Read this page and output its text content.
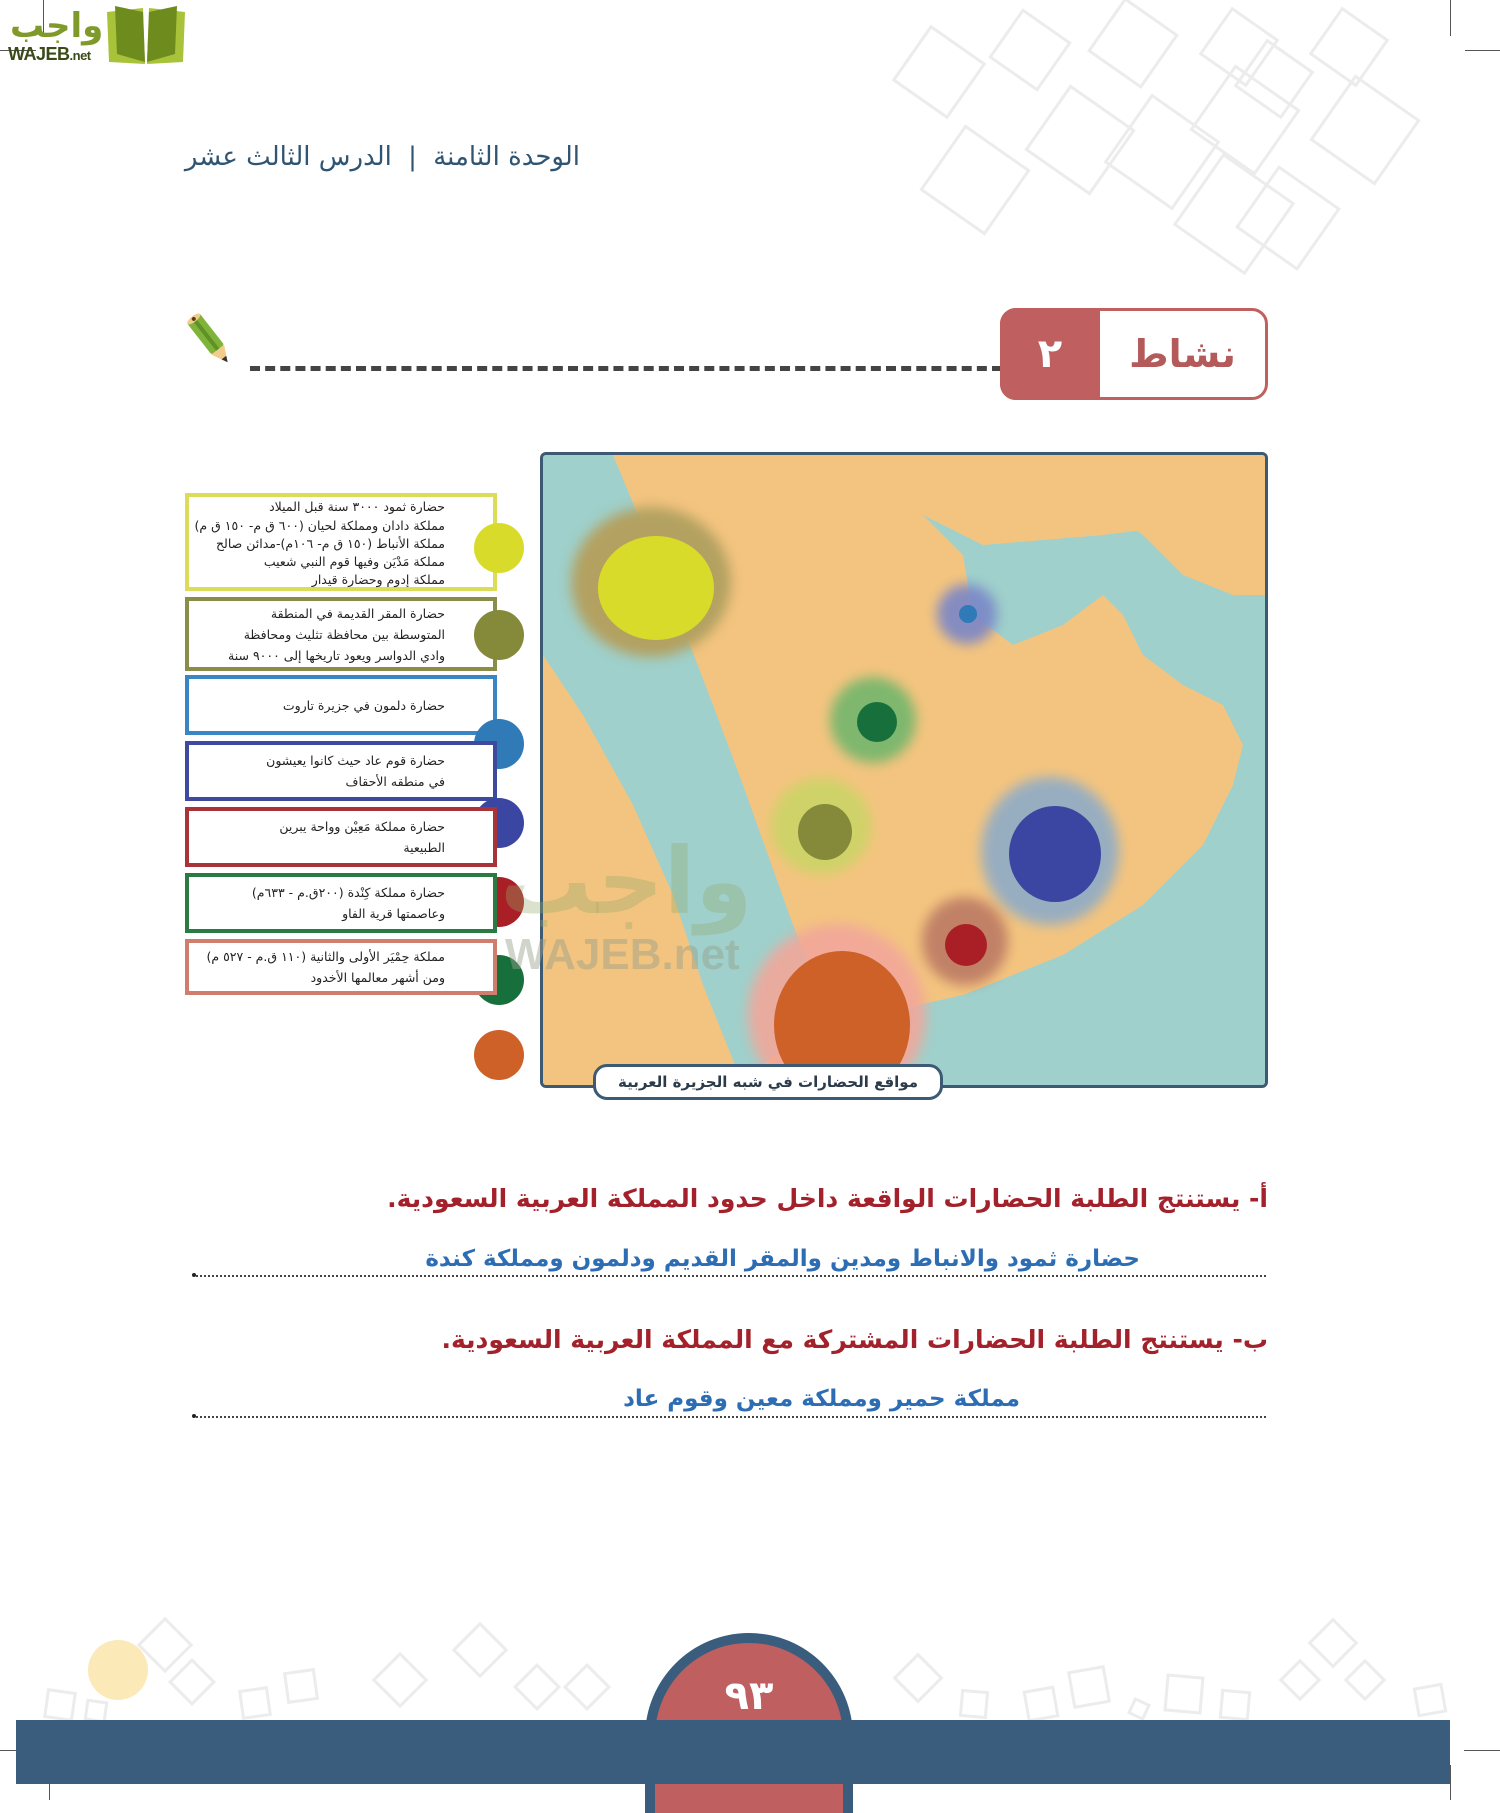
واجب
WAJEB.net
الوحدة الثامنة | الدرس الثالث عشر
٢	نشاط
حضارة ثمود ٣٠٠٠ سنة قبل الميلاد
مملكة دادان ومملكة لحيان (٦٠٠ ق م- ١٥٠ ق م)
مملكة الأنباط (١٥٠ ق م- ١٠٦م)-مدائن صالح
مملكة مَدْيَن وفيها قوم النبي شعيب
مملكة إدوم وحضارة قيدار
حضارة المقر القديمة في المنطقة
المتوسطة بين محافظة تثليث ومحافظة
وادي الدواسر ويعود تاريخها إلى ٩٠٠٠ سنة
حضارة دلمون في جزيرة تاروت
حضارة قوم عاد حيث كانوا يعيشون
في منطقه الأحقاف
حضارة مملكة مَعِيْن وواحة يبرين
الطبيعية
حضارة مملكة كِنْدة (٢٠٠ق.م - ٦٣٣م)
وعاصمتها قرية الفاو
مملكة حِمْيَر الأولى والثانية (١١٠ ق.م - ٥٢٧ م)
ومن أشهر معالمها الأخدود
مواقع الحضارات في شبه الجزيرة العربية
واجب
WAJEB.net
أ- يستنتج الطلبة الحضارات الواقعة داخل حدود المملكة العربية السعودية.
حضارة ثمود والانباط ومدين والمقر القديم ودلمون ومملكة كندة
ب- يستنتج الطلبة الحضارات المشتركة مع المملكة العربية السعودية.
مملكة حمير ومملكة معين وقوم عاد
٩٣
